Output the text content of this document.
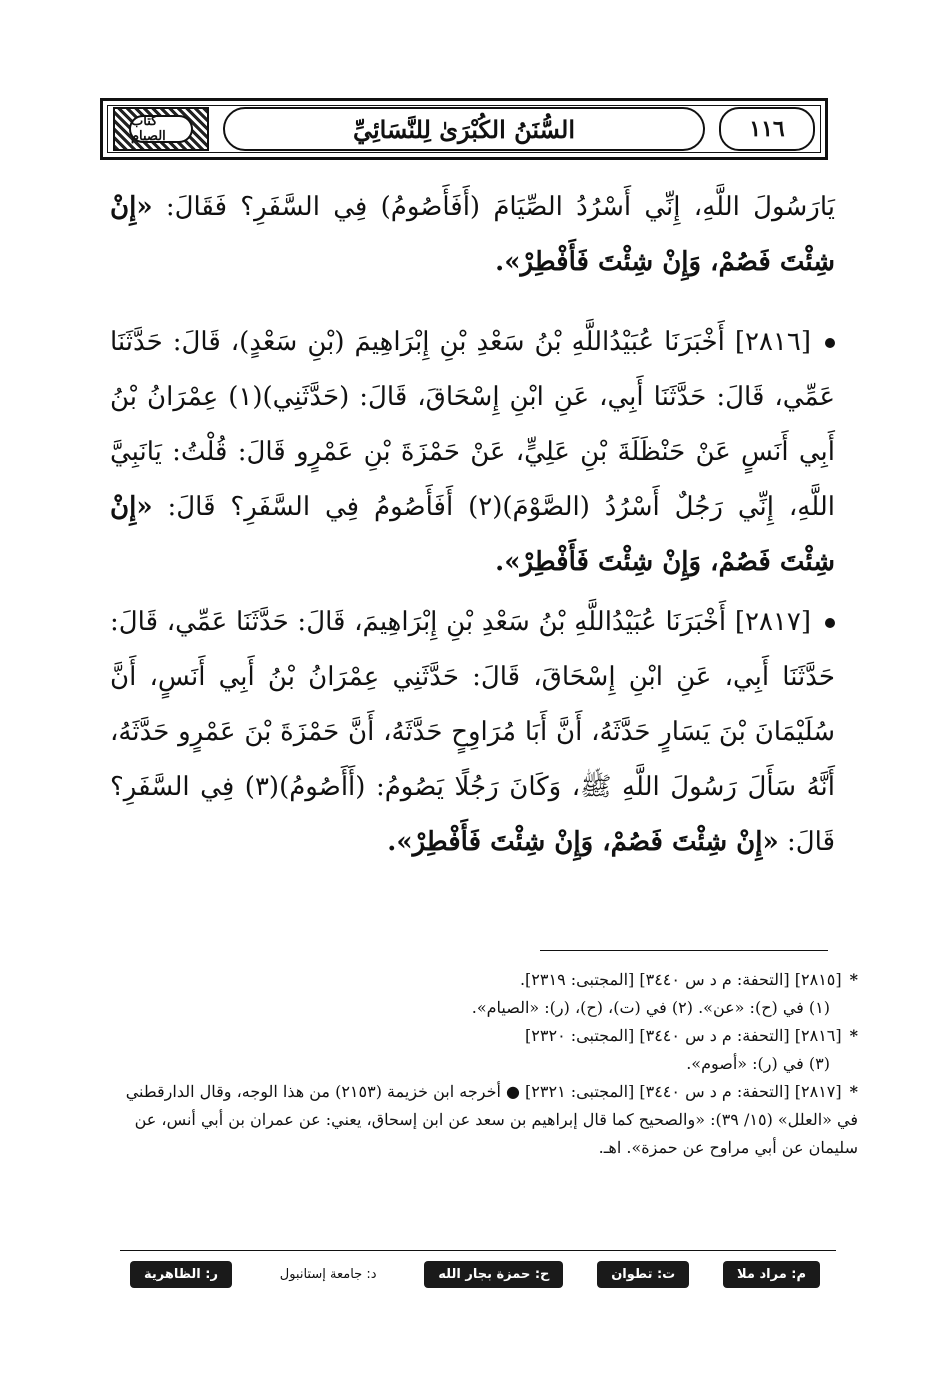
١١٦
السُّنَنُ الكُبْرَىٰ لِلنَّسَائِيِّ
كتاب الصيام
يَارَسُولَ اللَّهِ، إِنِّي أَسْرُدُ الصِّيَامَ (أَفَأَصُومُ) فِي السَّفَرِ؟ فَقَالَ: «إِنْ شِئْتَ فَصُمْ، وَإِنْ شِئْتَ فَأَفْطِرْ».
[٢٨١٦] أَخْبَرَنَا عُبَيْدُاللَّهِ بْنُ سَعْدِ بْنِ إِبْرَاهِيمَ (بْنِ سَعْدٍ)، قَالَ: حَدَّثَنَا عَمِّي، قَالَ: حَدَّثَنَا أَبِي، عَنِ ابْنِ إِسْحَاقَ، قَالَ: (حَدَّثَنِي)(١) عِمْرَانُ بْنُ أَبِي أَنَسٍ عَنْ حَنْظَلَةَ بْنِ عَلِيٍّ، عَنْ حَمْزَةَ بْنِ عَمْرٍو قَالَ: قُلْتُ: يَانَبِيَّ اللَّهِ، إِنِّي رَجُلٌ أَسْرُدُ (الصَّوْمَ)(٢) أَفَأَصُومُ فِي السَّفَرِ؟ قَالَ: «إِنْ شِئْتَ فَصُمْ، وَإِنْ شِئْتَ فَأَفْطِرْ».
[٢٨١٧] أَخْبَرَنَا عُبَيْدُاللَّهِ بْنُ سَعْدِ بْنِ إِبْرَاهِيمَ، قَالَ: حَدَّثَنَا عَمِّي، قَالَ: حَدَّثَنَا أَبِي، عَنِ ابْنِ إِسْحَاقَ، قَالَ: حَدَّثَنِي عِمْرَانُ بْنُ أَبِي أَنَسٍ، أَنَّ سُلَيْمَانَ بْنَ يَسَارٍ حَدَّثَهُ، أَنَّ أَبَا مُرَاوِحٍ حَدَّثَهُ، أَنَّ حَمْزَةَ بْنَ عَمْرٍو حَدَّثَهُ، أَنَّهُ سَأَلَ رَسُولَ اللَّهِ ﷺ، وَكَانَ رَجُلًا يَصُومُ: (أَأَصُومُ)(٣) فِي السَّفَرِ؟ قَالَ: «إِنْ شِئْتَ فَصُمْ، وَإِنْ شِئْتَ فَأَفْطِرْ».
*[٢٨١٥] [التحفة: م د س ٣٤٤٠] [المجتبى: ٢٣١٩].
(١) في (ح): «عن». (٢) في (ت)، (ح)، (ر): «الصيام».
*[٢٨١٦] [التحفة: م د س ٣٤٤٠] [المجتبى: ٢٣٢٠]
(٣) في (ر): «أصوم».
*[٢٨١٧] [التحفة: م د س ٣٤٤٠] [المجتبى: ٢٣٢١] ● أخرجه ابن خزيمة (٢١٥٣) من هذا الوجه، وقال الدارقطني في «العلل» (١٥/ ٣٩): «والصحيح كما قال إبراهيم بن سعد عن ابن إسحاق، يعني: عن عمران بن أبي أنس، عن سليمان عن أبي مراوح عن حمزة». اهـ.
م: مراد ملا
ت: تطوان
ح: حمزة بجار الله
د: جامعة إستانبول
ر: الظاهرية
